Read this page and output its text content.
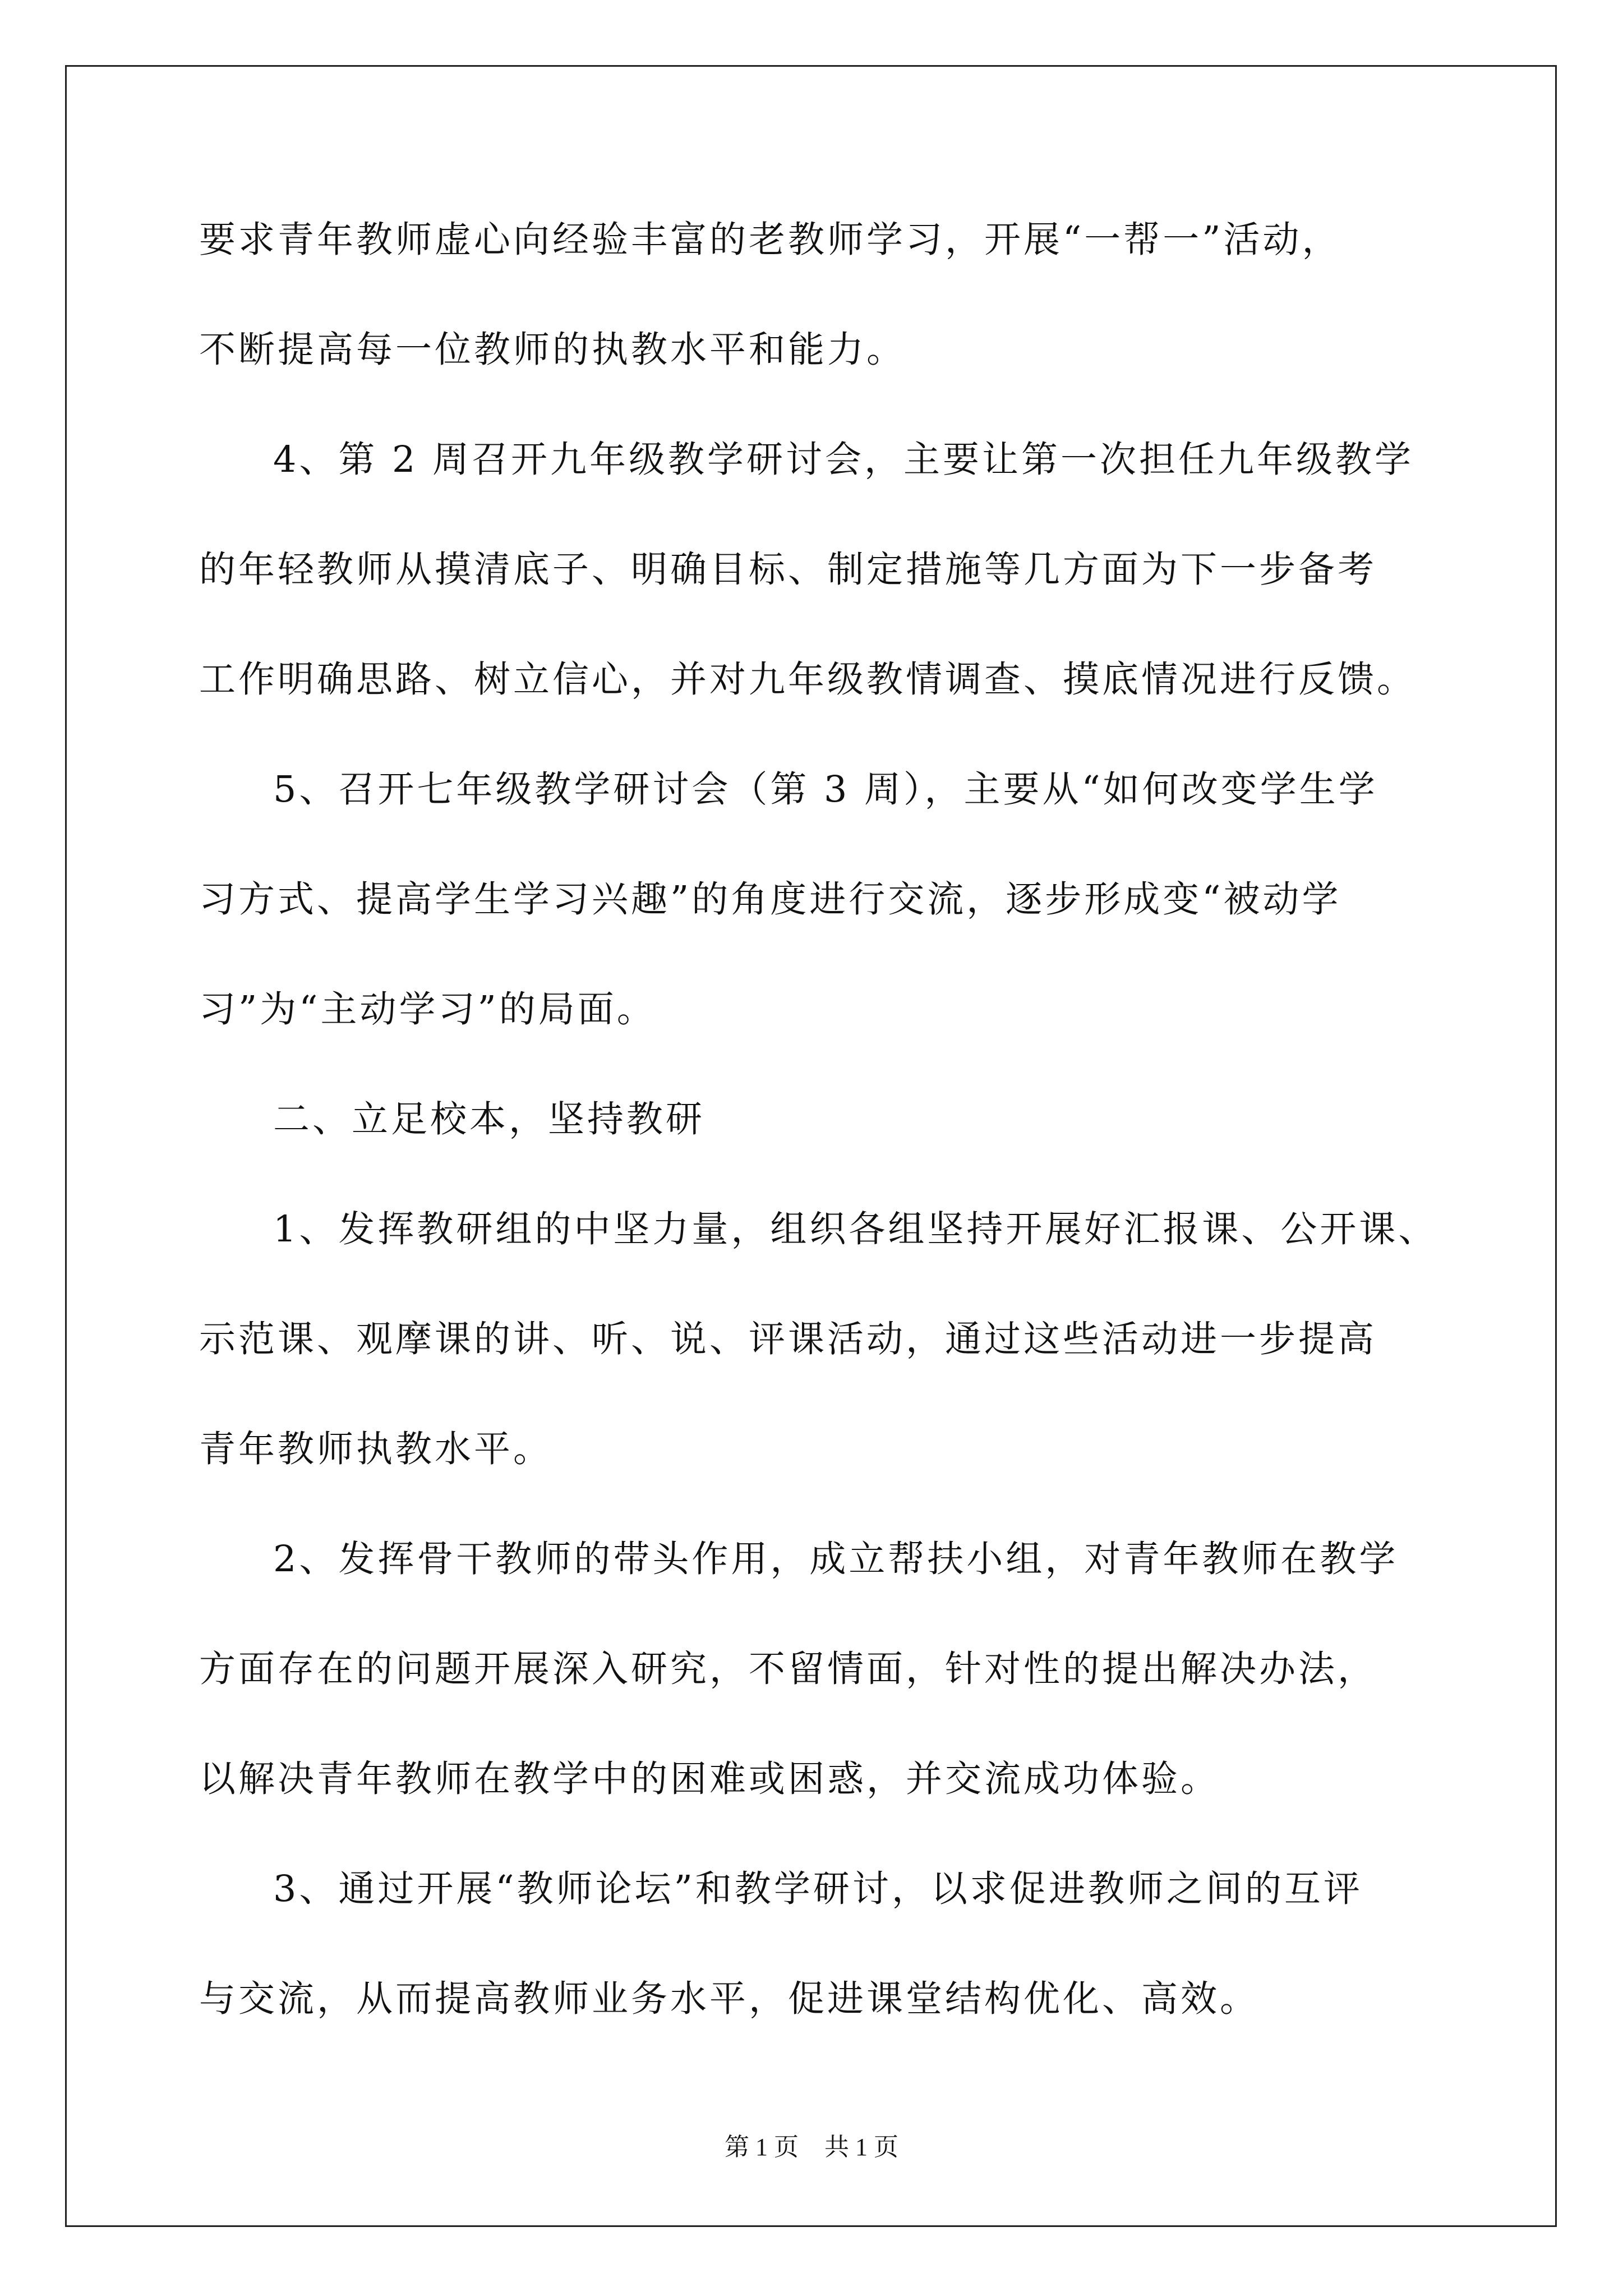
要求青年教师虚心向经验丰富的老教师学习，开展“一帮一”活动，

不断提高每一位教师的执教水平和能力。

4、第 2 周召开九年级教学研讨会，主要让第一次担任九年级教学

的年轻教师从摸清底子、明确目标、制定措施等几方面为下一步备考

工作明确思路、树立信心，并对九年级教情调查、摸底情况进行反馈。

5、召开七年级教学研讨会（第 3 周），主要从“如何改变学生学

习方式、提高学生学习兴趣”的角度进行交流，逐步形成变“被动学

习”为“主动学习”的局面。

二、立足校本，坚持教研

1、发挥教研组的中坚力量，组织各组坚持开展好汇报课、公开课、

示范课、观摩课的讲、听、说、评课活动，通过这些活动进一步提高

青年教师执教水平。

2、发挥骨干教师的带头作用，成立帮扶小组，对青年教师在教学

方面存在的问题开展深入研究，不留情面，针对性的提出解决办法，

以解决青年教师在教学中的困难或困惑，并交流成功体验。

3、通过开展“教师论坛”和教学研讨，以求促进教师之间的互评

与交流，从而提高教师业务水平，促进课堂结构优化、高效。

第 1 页 共 1 页
